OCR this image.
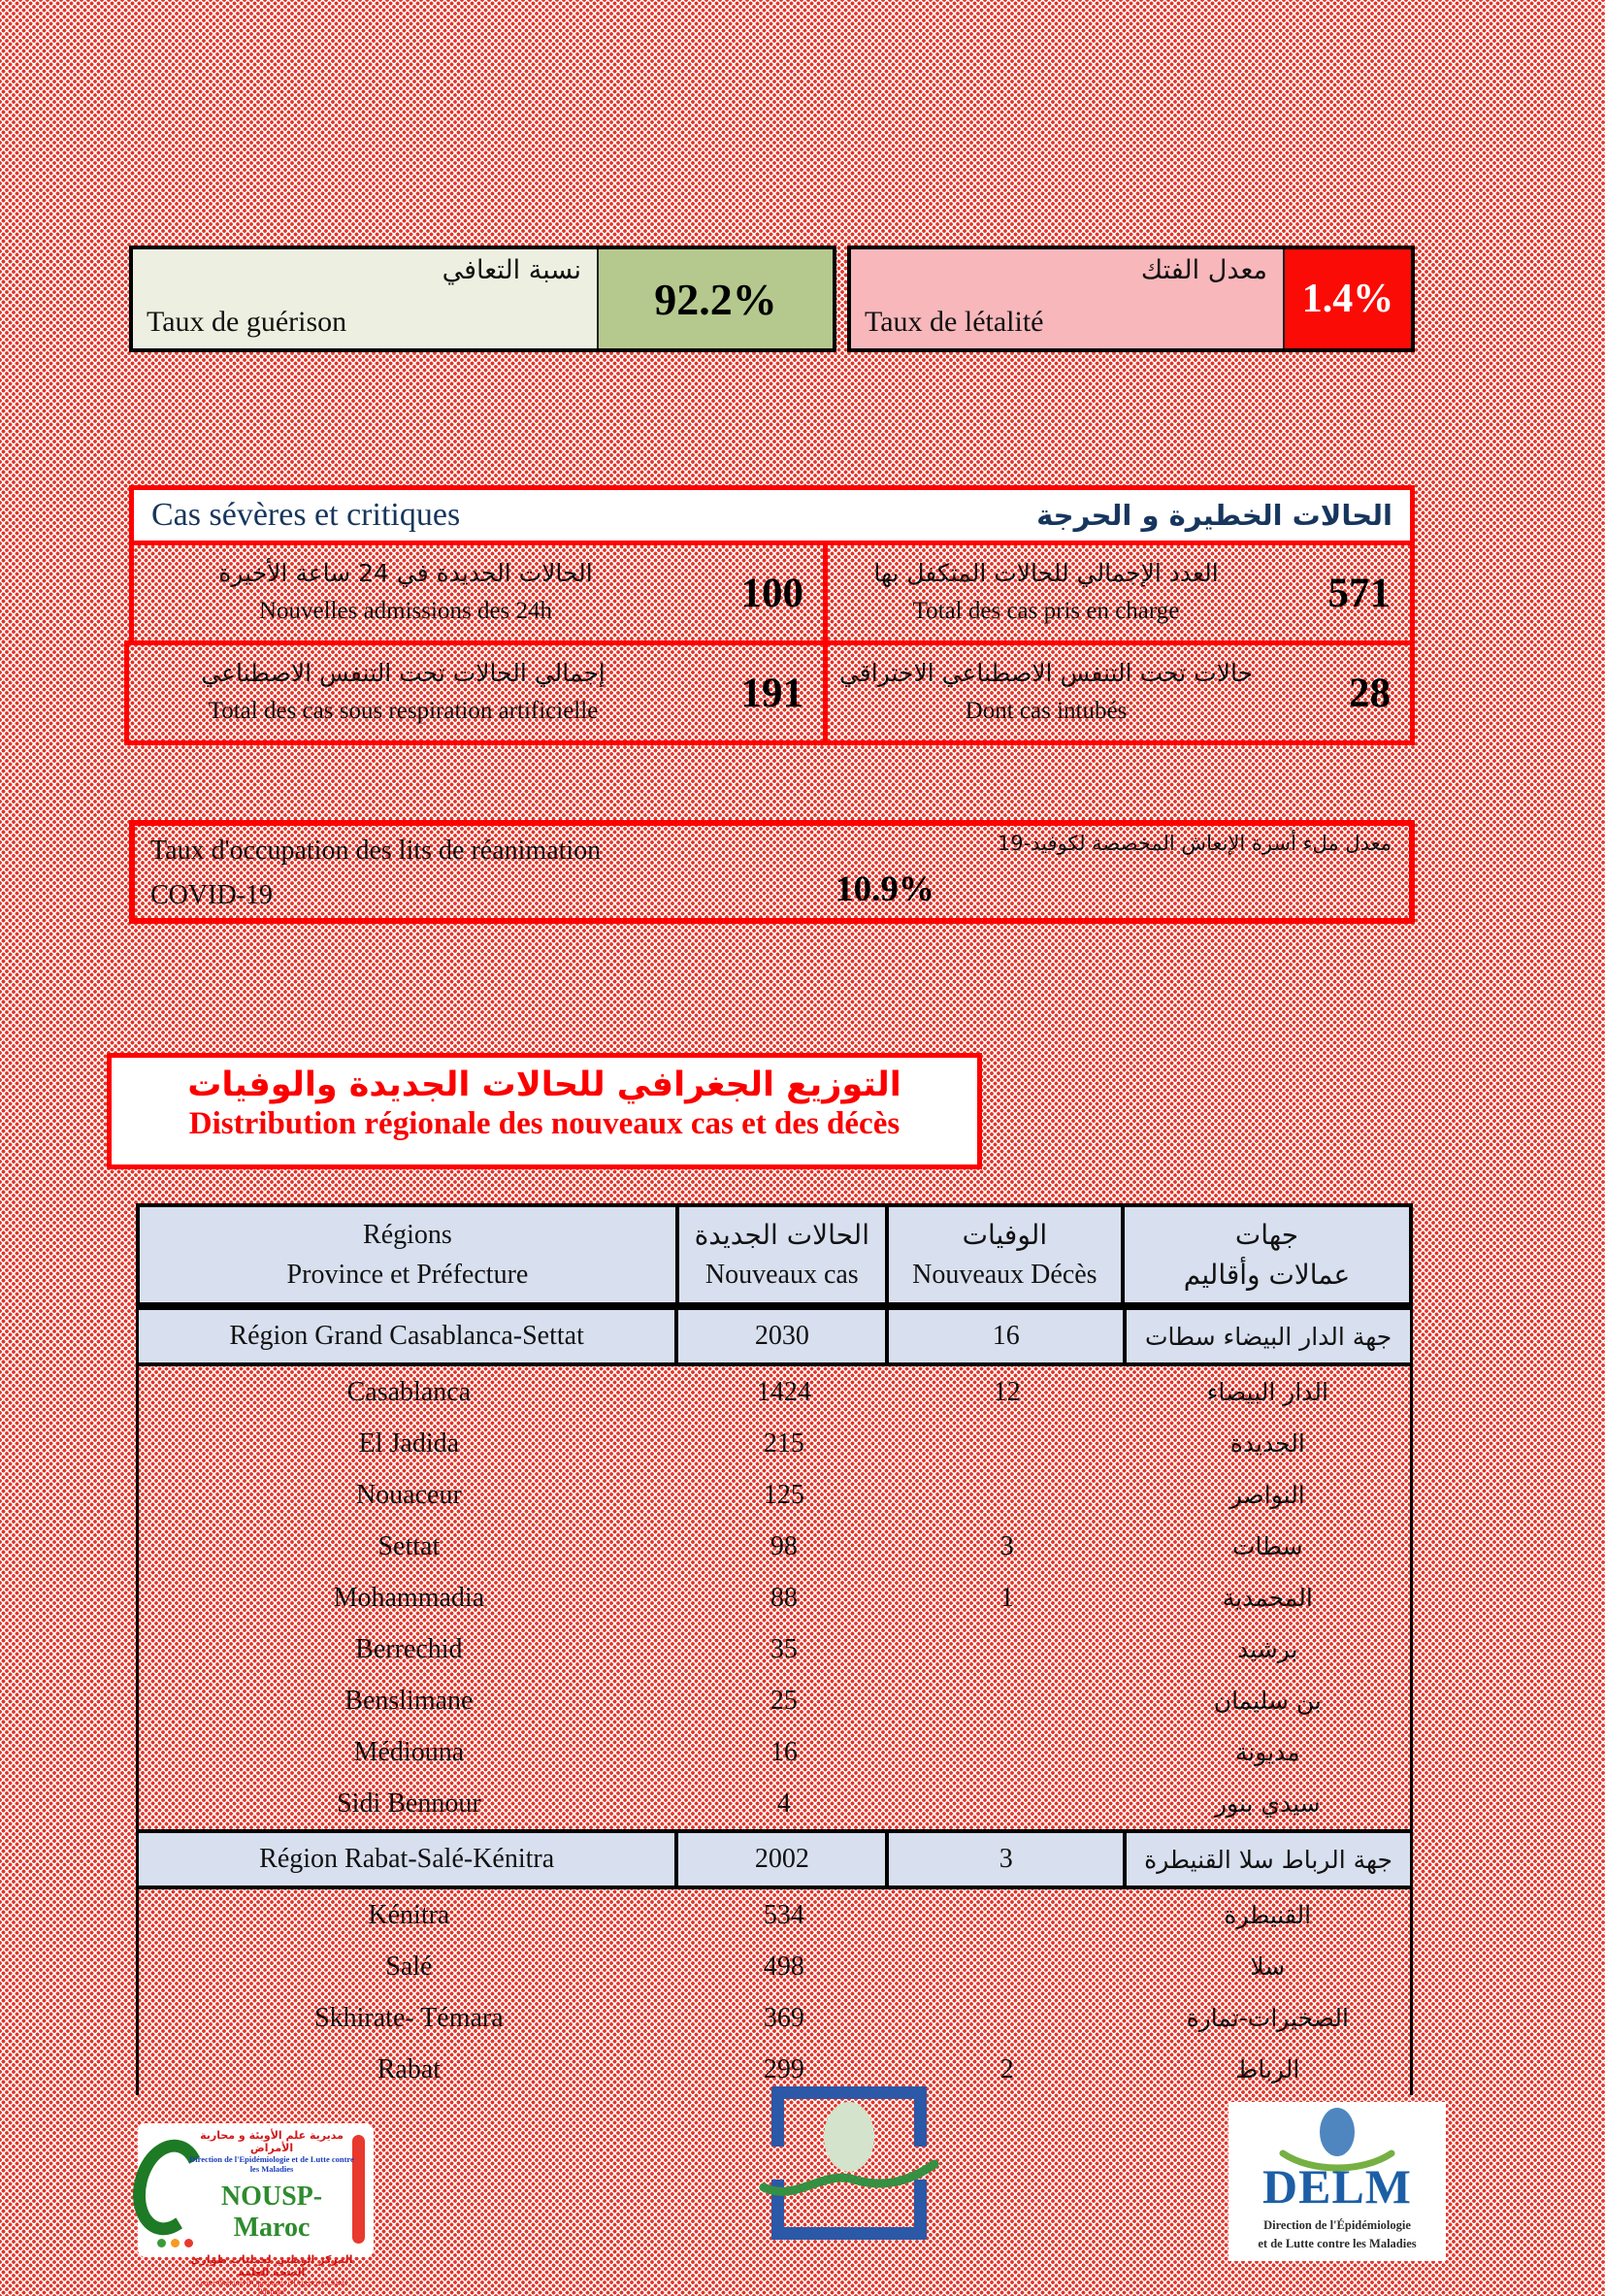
نسبة التعافي
Taux de guérison	92.2%
معدل الفتك
Taux de létalité
1.4%
Cas sévères et critiques	الحالات الخطيرة و الحرجة
الحالات الجديدة في 24 ساعة الأخيرة
Nouvelles admissions des 24h	100	العدد الإجمالي للحالات المتكفل بها
Total des cas pris en charge	571
إجمالي الحالات تحت التنفس الاصطناعي
Total des cas sous respiration artificielle	191	حالات تحت التنفس الاصطناعي الاختراقي
Dont cas intubés	28
Taux d'occupation des lits de réanimation
COVID-19
معدل ملء أسرة الإنعاش المخصصة لكوفيد-19
10.9%
التوزيع الجغرافي للحالات الجديدة والوفيات
Distribution régionale des nouveaux cas et des décès
Régions
Province et Préfecture
الحالات الجديدة
Nouveaux cas
الوفيات
Nouveaux Décès
جهات
عمالات وأقاليم
Région Grand Casablanca-Settat	2030	16	جهة الدار البيضاء سطات
Casablanca	1424	12	الدار البيضاء
El Jadida	215	الجديدة
Nouaceur	125	النواصر
Settat	98	3	سطات
Mohammadia	88	1	المحمدية
Berrechid	35	برشيد
Benslimane	25	بن سليمان
Médiouna	16	مديونة
Sidi Bennour	4	سيدي بنور
Région Rabat-Salé-Kénitra	2002	3	جهة الرباط سلا القنيطرة
Kénitra	534	القنيطرة
Salé	498	سلا
Skhirate- Témara	369	الصخيرات-تمارة
Rabat	299	2	الرباط
مديرية علم الأوبئة و محاربة الأمراض
Direction de l'Epidémiologie et de Lutte contre les Maladies
NOUSP-Maroc
المركز الوطني لعمليات طوارئ الصحة العامة
Centre National d'Opérations d'Urgence en Santé Publique
DELM
Direction de l'Épidémiologie
et de Lutte contre les Maladies
